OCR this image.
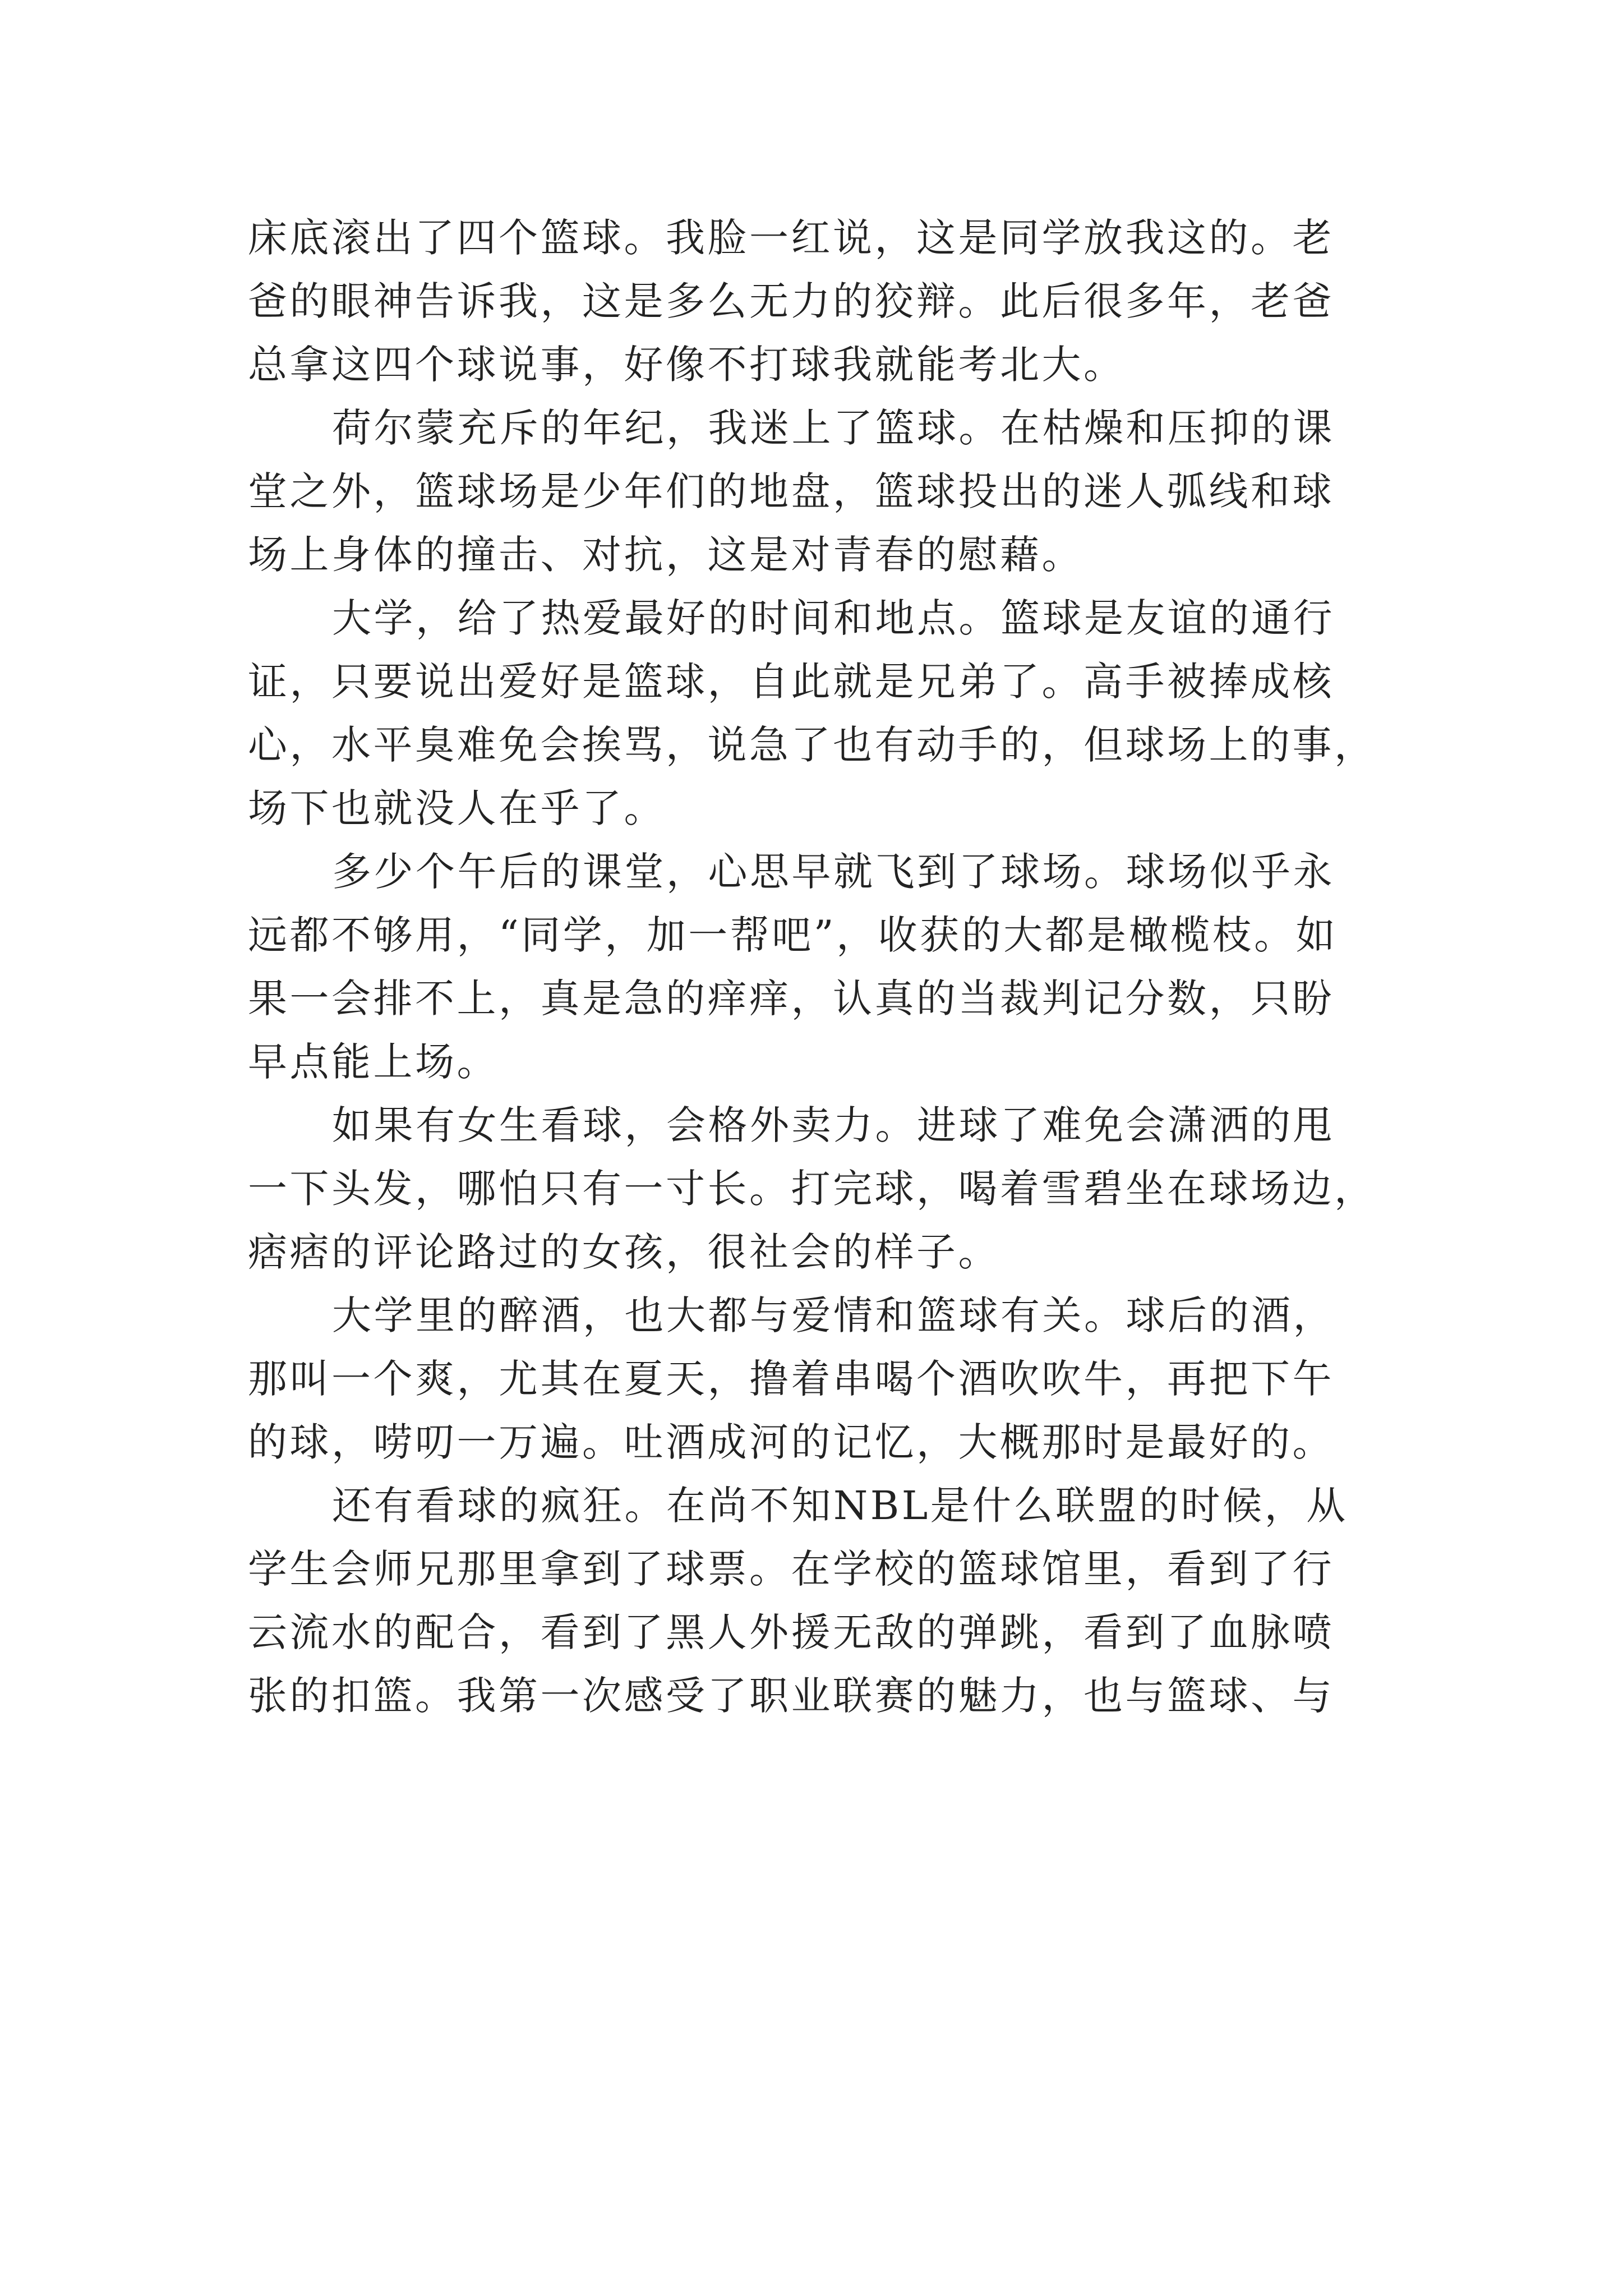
床底滚出了四个篮球。我脸一红说，这是同学放我这的。老
爸的眼神告诉我，这是多么无力的狡辩。此后很多年，老爸
总拿这四个球说事，好像不打球我就能考北大。
荷尔蒙充斥的年纪，我迷上了篮球。在枯燥和压抑的课
堂之外，篮球场是少年们的地盘，篮球投出的迷人弧线和球
场上身体的撞击、对抗，这是对青春的慰藉。
大学，给了热爱最好的时间和地点。篮球是友谊的通行
证，只要说出爱好是篮球，自此就是兄弟了。高手被捧成核
心，水平臭难免会挨骂，说急了也有动手的，但球场上的事，
场下也就没人在乎了。
多少个午后的课堂，心思早就飞到了球场。球场似乎永
远都不够用，“同学，加一帮吧”，收获的大都是橄榄枝。如
果一会排不上，真是急的痒痒，认真的当裁判记分数，只盼
早点能上场。
如果有女生看球，会格外卖力。进球了难免会潇洒的甩
一下头发，哪怕只有一寸长。打完球，喝着雪碧坐在球场边，
痞痞的评论路过的女孩，很社会的样子。
大学里的醉酒，也大都与爱情和篮球有关。球后的酒，
那叫一个爽，尤其在夏天，撸着串喝个酒吹吹牛，再把下午
的球，唠叨一万遍。吐酒成河的记忆，大概那时是最好的。
还有看球的疯狂。在尚不知NBL是什么联盟的时候，从
学生会师兄那里拿到了球票。在学校的篮球馆里，看到了行
云流水的配合，看到了黑人外援无敌的弹跳，看到了血脉喷
张的扣篮。我第一次感受了职业联赛的魅力，也与篮球、与
